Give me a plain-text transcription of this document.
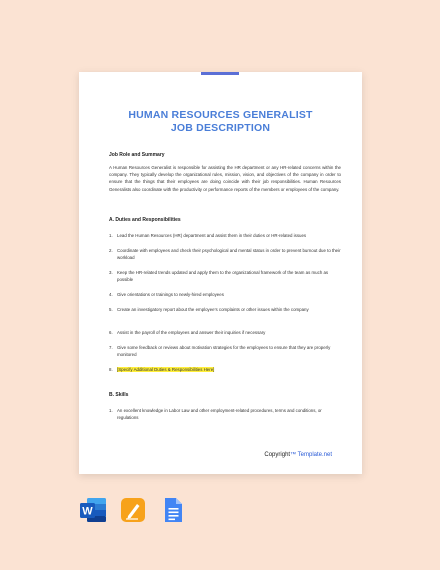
HUMAN RESOURCES GENERALIST
JOB DESCRIPTION
Job Role and Summary
A Human Resources Generalist is responsible for assisting the HR department or any HR-related concerns within the company. They typically develop the organizational rules, mission, vision, and objectives of the company in order to ensure that the things that their employees are doing coincide with their job responsibilities. Human Resources Generalists also coordinate with the productivity or performance reports of the members or employees of the company.
A. Duties and Responsibilities
1. Lead the Human Resources (HR) department and assist them in their duties or HR-related issues
2. Coordinate with employees and check their psychological and mental status in order to prevent burnout due to their workload
3. Keep the HR-related trends updated and apply them to the organizational framework of the team as much as possible
4. Give orientations or trainings to newly-hired employees
5. Create an investigatory report about the employee's complaints or other issues within the company
6. Assist in the payroll of the employees and answer their inquiries if necessary
7. Give some feedback or reviews about motivation strategies for the employees to ensure that they are properly monitored
8. [Specify Additional Duties & Responsibilities Here]
B. Skills
1. An excellent knowledge in Labor Law and other employment-related procedures, terms and conditions, or regulations
Copyright™ Template.net
W
